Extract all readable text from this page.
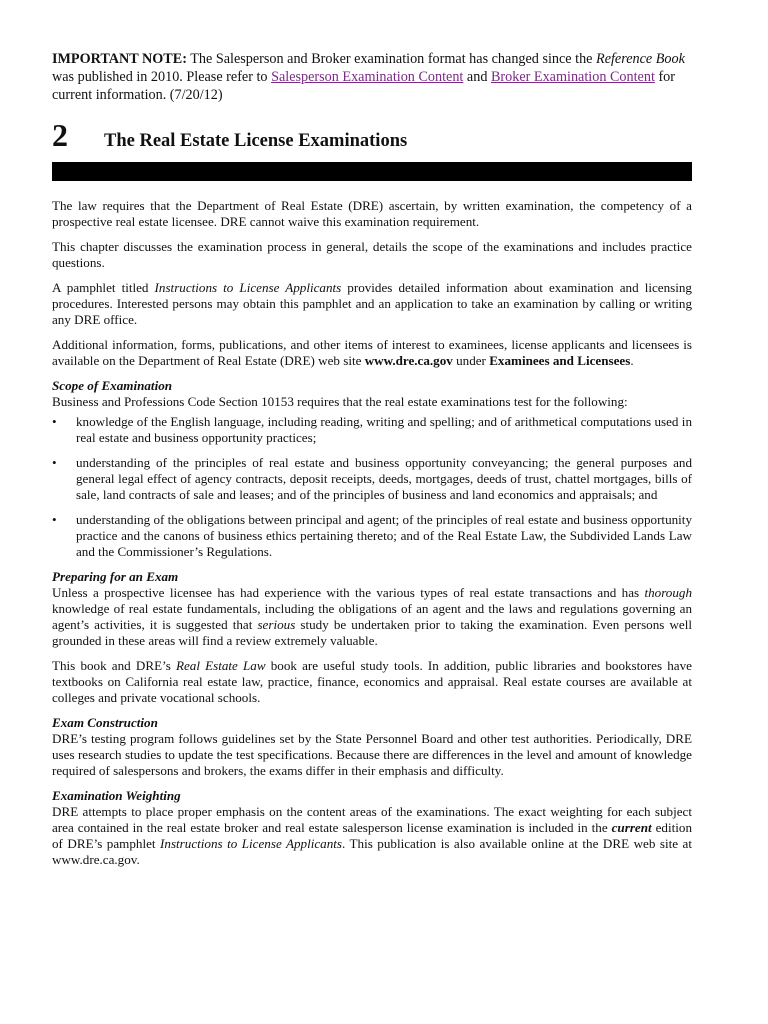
IMPORTANT NOTE: The Salesperson and Broker examination format has changed since the Reference Book was published in 2010. Please refer to Salesperson Examination Content and Broker Examination Content for current information. (7/20/12)

2	The Real Estate License Examinations

The law requires that the Department of Real Estate (DRE) ascertain, by written examination, the competency of a prospective real estate licensee. DRE cannot waive this examination requirement.

This chapter discusses the examination process in general, details the scope of the examinations and includes practice questions.

A pamphlet titled Instructions to License Applicants provides detailed information about examination and licensing procedures. Interested persons may obtain this pamphlet and an application to take an examination by calling or writing any DRE office.

Additional information, forms, publications, and other items of interest to examinees, license applicants and licensees is available on the Department of Real Estate (DRE) web site www.dre.ca.gov under Examinees and Licensees.

Scope of Examination

Business and Professions Code Section 10153 requires that the real estate examinations test for the following:

• knowledge of the English language, including reading, writing and spelling; and of arithmetical computations used in real estate and business opportunity practices;
• understanding of the principles of real estate and business opportunity conveyancing; the general purposes and general legal effect of agency contracts, deposit receipts, deeds, mortgages, deeds of trust, chattel mortgages, bills of sale, land contracts of sale and leases; and of the principles of business and land economics and appraisals; and
• understanding of the obligations between principal and agent; of the principles of real estate and business opportunity practice and the canons of business ethics pertaining thereto; and of the Real Estate Law, the Subdivided Lands Law and the Commissioner’s Regulations.

Preparing for an Exam

Unless a prospective licensee has had experience with the various types of real estate transactions and has thorough knowledge of real estate fundamentals, including the obligations of an agent and the laws and regulations governing an agent’s activities, it is suggested that serious study be undertaken prior to taking the examination. Even persons well grounded in these areas will find a review extremely valuable.

This book and DRE’s Real Estate Law book are useful study tools. In addition, public libraries and bookstores have textbooks on California real estate law, practice, finance, economics and appraisal. Real estate courses are available at colleges and private vocational schools.

Exam Construction

DRE’s testing program follows guidelines set by the State Personnel Board and other test authorities. Periodically, DRE uses research studies to update the test specifications. Because there are differences in the level and amount of knowledge required of salespersons and brokers, the exams differ in their emphasis and difficulty.

Examination Weighting

DRE attempts to place proper emphasis on the content areas of the examinations. The exact weighting for each subject area contained in the real estate broker and real estate salesperson license examination is included in the current edition of DRE’s pamphlet Instructions to License Applicants. This publication is also available online at the DRE web site at www.dre.ca.gov.
